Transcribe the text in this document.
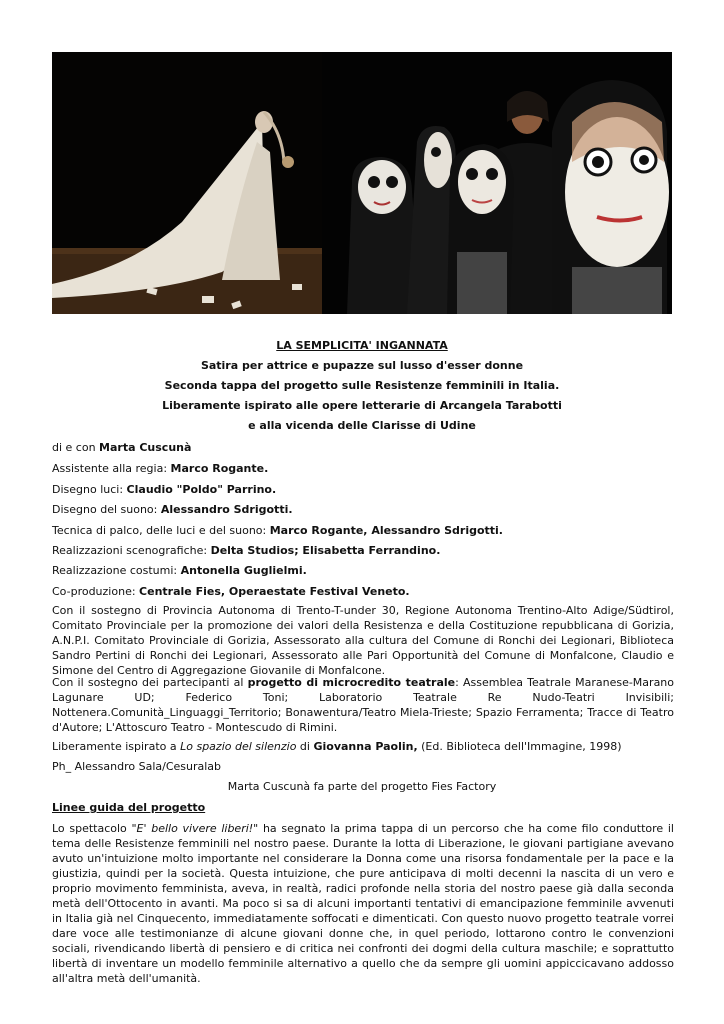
LA SEMPLICITA' INGANNATA
Satira per attrice e pupazze sul lusso d'esser donne
Seconda tappa del progetto sulle Resistenze femminili in Italia.
Liberamente ispirato alle opere letterarie di Arcangela Tarabotti
e alla vicenda delle Clarisse di Udine
di e con Marta Cuscunà
Assistente alla regia: Marco Rogante.
Disegno luci: Claudio "Poldo" Parrino.
Disegno del suono: Alessandro Sdrigotti.
Tecnica di palco, delle luci e del suono: Marco Rogante, Alessandro Sdrigotti.
Realizzazioni scenografiche: Delta Studios; Elisabetta Ferrandino.
Realizzazione costumi: Antonella Guglielmi.
Co-produzione: Centrale Fies, Operaestate Festival Veneto.
Con il sostegno di Provincia Autonoma di Trento-T-under 30, Regione Autonoma Trentino-Alto Adige/Südtirol, Comitato Provinciale per la promozione dei valori della Resistenza e della Costituzione repubblicana di Gorizia, A.N.P.I. Comitato Provinciale di Gorizia, Assessorato alla cultura del Comune di Ronchi dei Legionari, Biblioteca Sandro Pertini di Ronchi dei Legionari, Assessorato alle Pari Opportunità del Comune di Monfalcone, Claudio e Simone del Centro di Aggregazione Giovanile di Monfalcone.
Con il sostegno dei partecipanti al progetto di microcredito teatrale: Assemblea Teatrale Maranese-Marano Lagunare UD; Federico Toni; Laboratorio Teatrale Re Nudo-Teatri Invisibili; Nottenera.Comunità_Linguaggi_Territorio; Bonawentura/Teatro Miela-Trieste; Spazio Ferramenta; Tracce di Teatro d'Autore; L'Attoscuro Teatro - Montescudo di Rimini.
Liberamente ispirato a Lo spazio del silenzio di Giovanna Paolin, (Ed. Biblioteca dell'Immagine, 1998)
Ph_ Alessandro Sala/Cesuralab
Marta Cuscunà fa parte del progetto Fies Factory
Linee guida del progetto
Lo spettacolo "E' bello vivere liberi!" ha segnato la prima tappa di un percorso che ha come filo conduttore il tema delle Resistenze femminili nel nostro paese. Durante la lotta di Liberazione, le giovani partigiane avevano avuto un'intuizione molto importante nel considerare la Donna come una risorsa fondamentale per la pace e la giustizia, quindi per la società. Questa intuizione, che pure anticipava di molti decenni la nascita di un vero e proprio movimento femminista, aveva, in realtà, radici profonde nella storia del nostro paese già dalla seconda metà dell'Ottocento in avanti. Ma poco si sa di alcuni importanti tentativi di emancipazione femminile avvenuti in Italia già nel Cinquecento, immediatamente soffocati e dimenticati. Con questo nuovo progetto teatrale vorrei dare voce alle testimonianze di alcune giovani donne che, in quel periodo, lottarono contro le convenzioni sociali, rivendicando libertà di pensiero e di critica nei confronti dei dogmi della cultura maschile; e soprattutto libertà di inventare un modello femminile alternativo a quello che da sempre gli uomini appiccicavano addosso all'altra metà dell'umanità.
